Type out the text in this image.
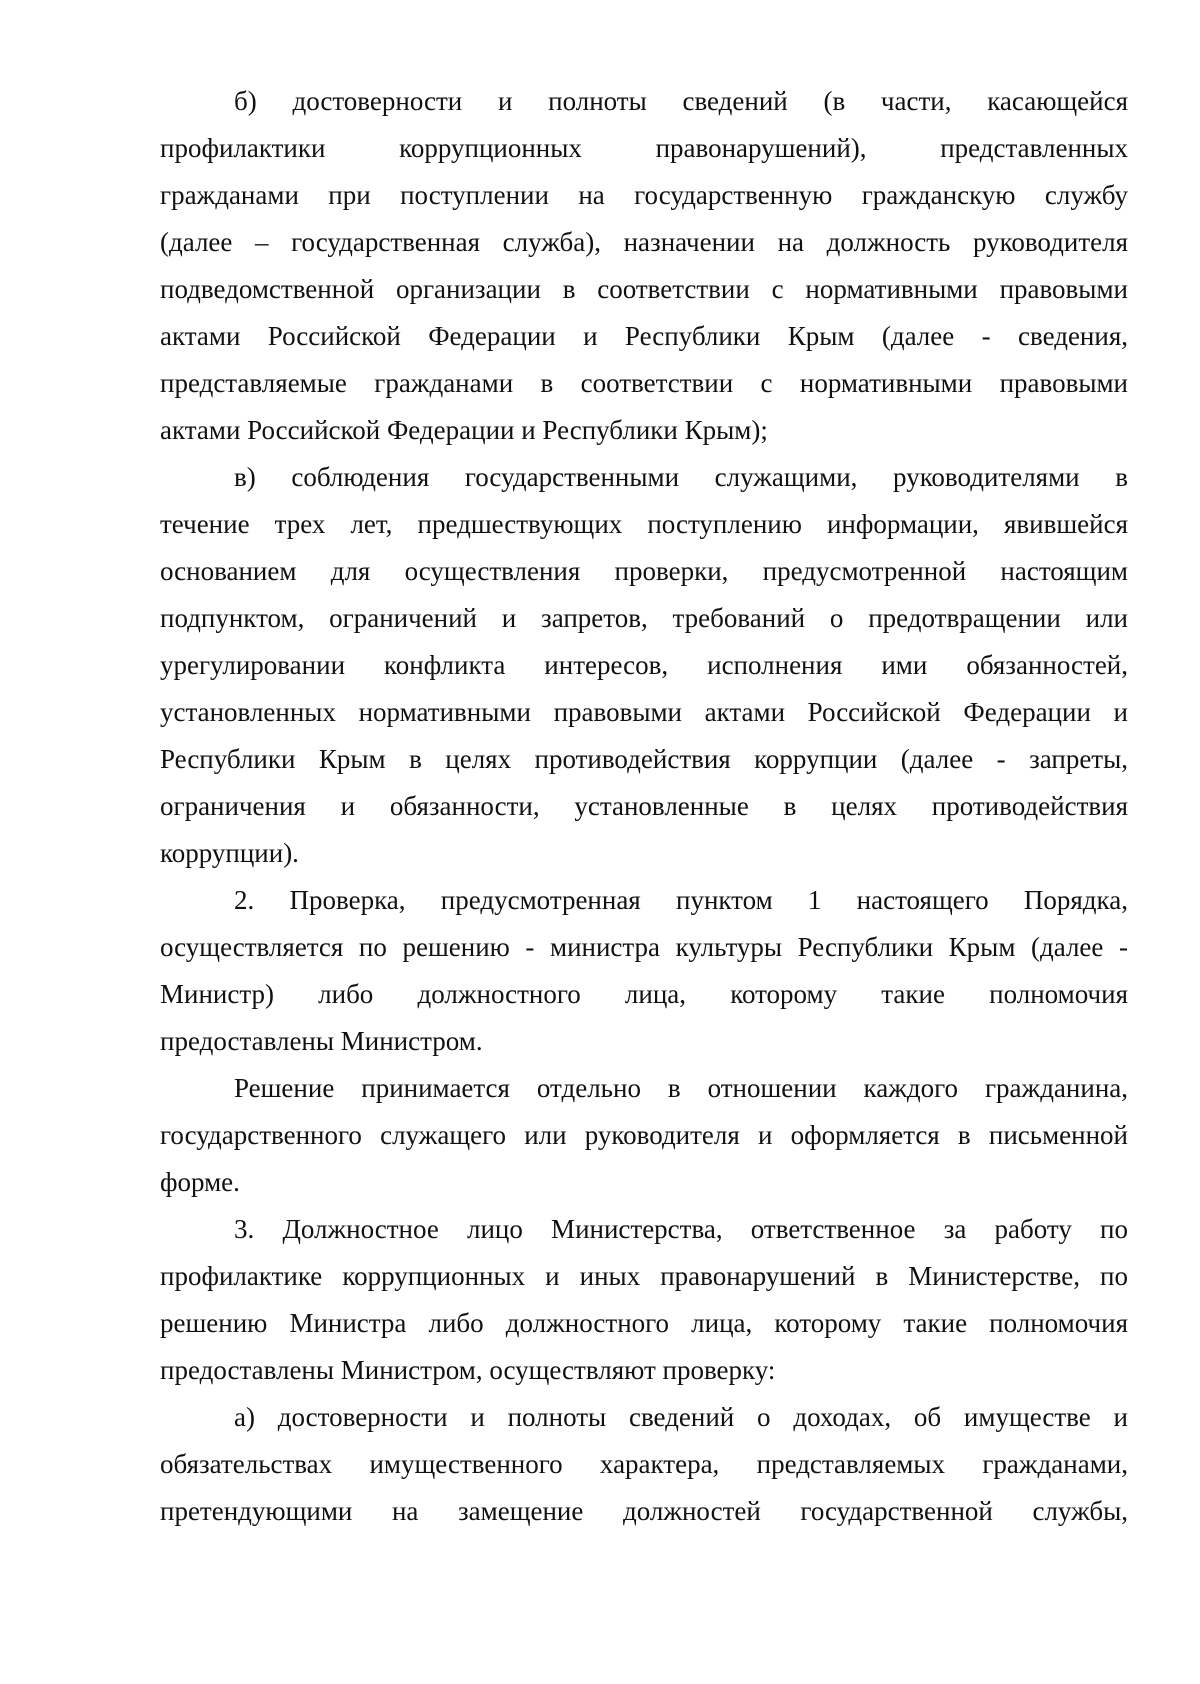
б) достоверности и полноты сведений (в части, касающейся
профилактики коррупционных правонарушений), представленных
гражданами при поступлении на государственную гражданскую службу
(далее – государственная служба), назначении на должность руководителя
подведомственной организации в соответствии с нормативными правовыми
актами Российской Федерации и Республики Крым (далее - сведения,
представляемые гражданами в соответствии с нормативными правовыми
актами Российской Федерации и Республики Крым);
в) соблюдения государственными служащими, руководителями в
течение трех лет, предшествующих поступлению информации, явившейся
основанием для осуществления проверки, предусмотренной настоящим
подпунктом, ограничений и запретов, требований о предотвращении или
урегулировании конфликта интересов, исполнения ими обязанностей,
установленных нормативными правовыми актами Российской Федерации и
Республики Крым в целях противодействия коррупции (далее - запреты,
ограничения и обязанности, установленные в целях противодействия
коррупции).
2. Проверка, предусмотренная пунктом 1 настоящего Порядка,
осуществляется по решению - министра культуры Республики Крым (далее -
Министр) либо должностного лица, которому такие полномочия
предоставлены Министром.
Решение принимается отдельно в отношении каждого гражданина,
государственного служащего или руководителя и оформляется в письменной
форме.
3. Должностное лицо Министерства, ответственное за работу по
профилактике коррупционных и иных правонарушений в Министерстве, по
решению Министра либо должностного лица, которому такие полномочия
предоставлены Министром, осуществляют проверку:
а) достоверности и полноты сведений о доходах, об имуществе и
обязательствах имущественного характера, представляемых гражданами,
претендующими на замещение должностей государственной службы,
